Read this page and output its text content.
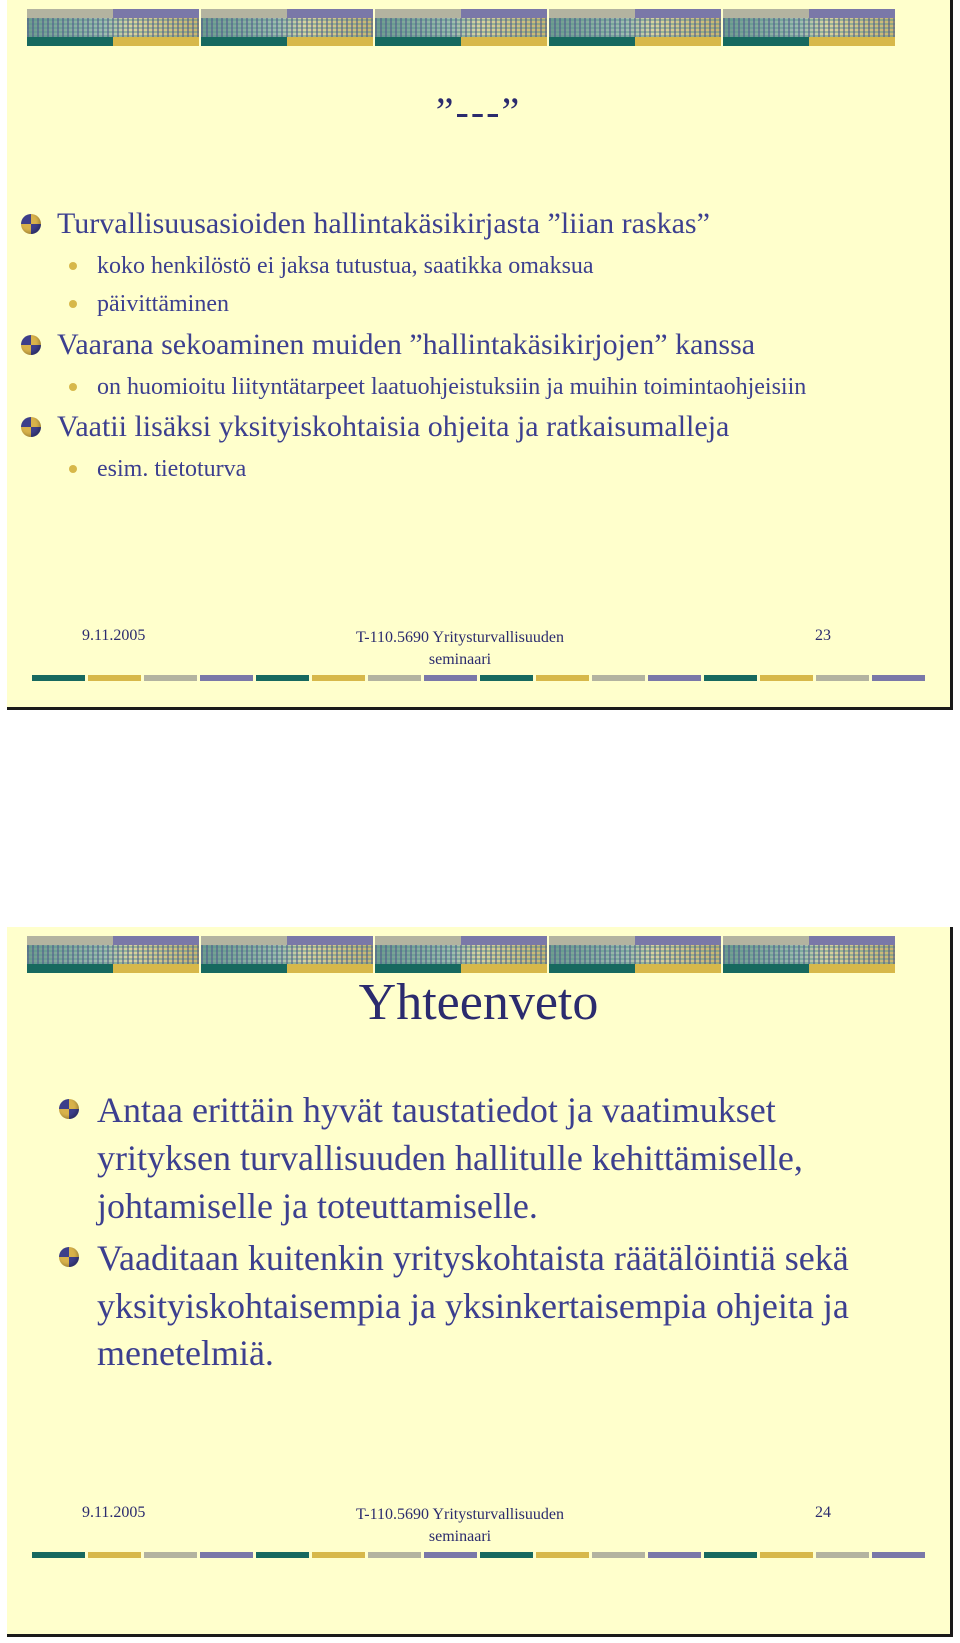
”---”
Turvallisuusasioiden hallintakäsikirjasta ”liian raskas”
koko henkilöstö ei jaksa tutustua, saatikka omaksua
päivittäminen
Vaarana sekoaminen muiden ”hallintakäsikirjojen” kanssa
on huomioitu liityntätarpeet laatuohjeistuksiin ja muihin toimintaohjeisiin
Vaatii lisäksi yksityiskohtaisia ohjeita ja ratkaisumalleja
esim. tietoturva
9.11.2005	T-110.5690 Yritysturvallisuuden
seminaari
23
Yhteenveto
Antaa erittäin hyvät taustatiedot ja vaatimukset yrityksen turvallisuuden hallitulle kehittämiselle, johtamiselle ja toteuttamiselle.
Vaaditaan kuitenkin yrityskohtaista räätälöintiä sekä yksityiskohtaisempia ja yksinkertaisempia ohjeita ja menetelmiä.
9.11.2005	T-110.5690 Yritysturvallisuuden
seminaari
24
